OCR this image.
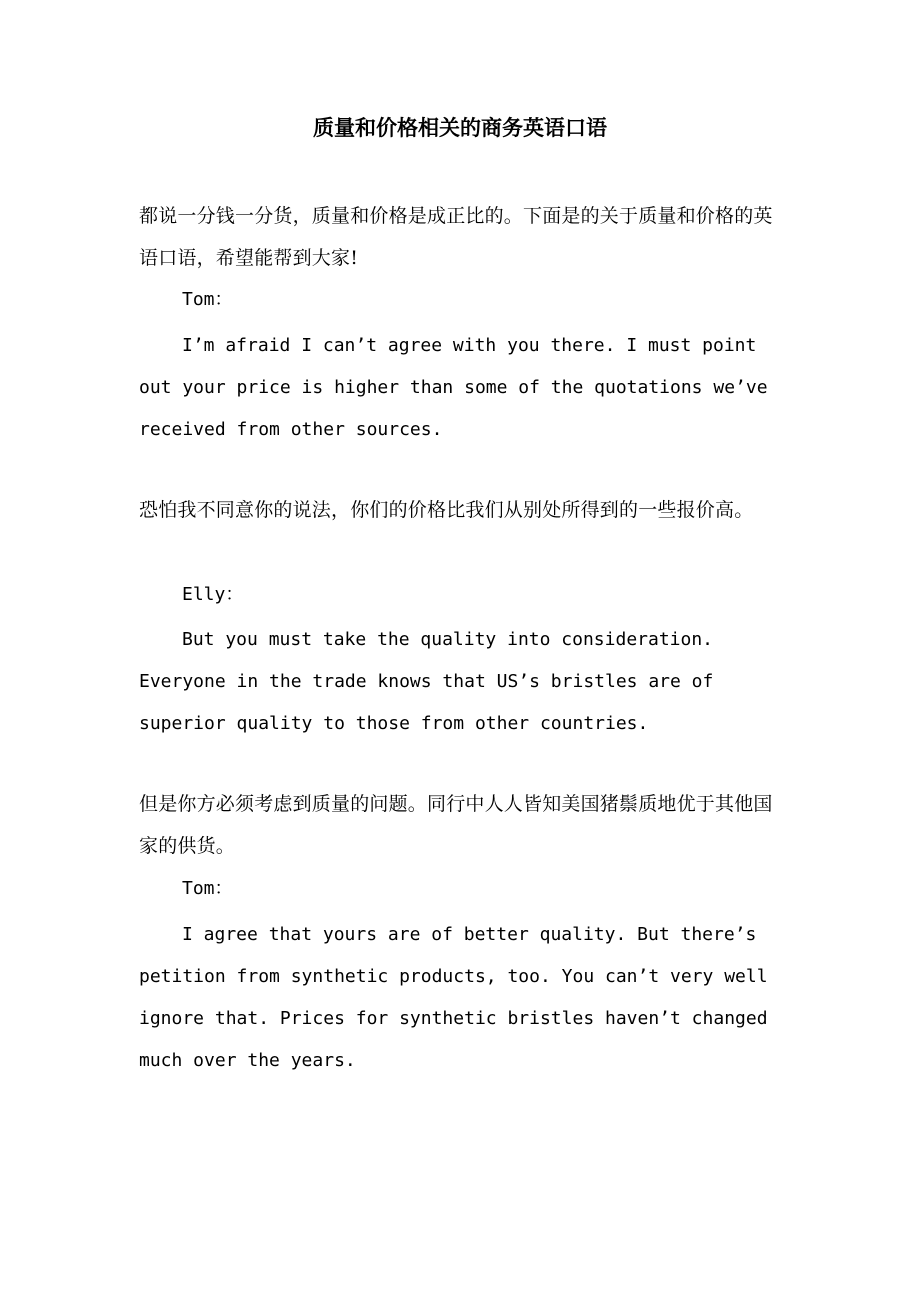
质量和价格相关的商务英语口语

都说一分钱一分货，质量和价格是成正比的。下面是的关于质量和价格的英语口语，希望能帮到大家!

Tom：

I’m afraid I can’t agree with you there. I must point out your price is higher than some of the quotations we’ve received from other sources.

恐怕我不同意你的说法，你们的价格比我们从别处所得到的一些报价高。

Elly：

But you must take the quality into consideration. Everyone in the trade knows that US’s bristles are of superior quality to those from other countries.

但是你方必须考虑到质量的问题。同行中人人皆知美国猪鬃质地优于其他国家的供货。

Tom：

I agree that yours are of better quality. But there’s petition from synthetic products, too. You can’t very well ignore that. Prices for synthetic bristles haven’t changed much over the years.
